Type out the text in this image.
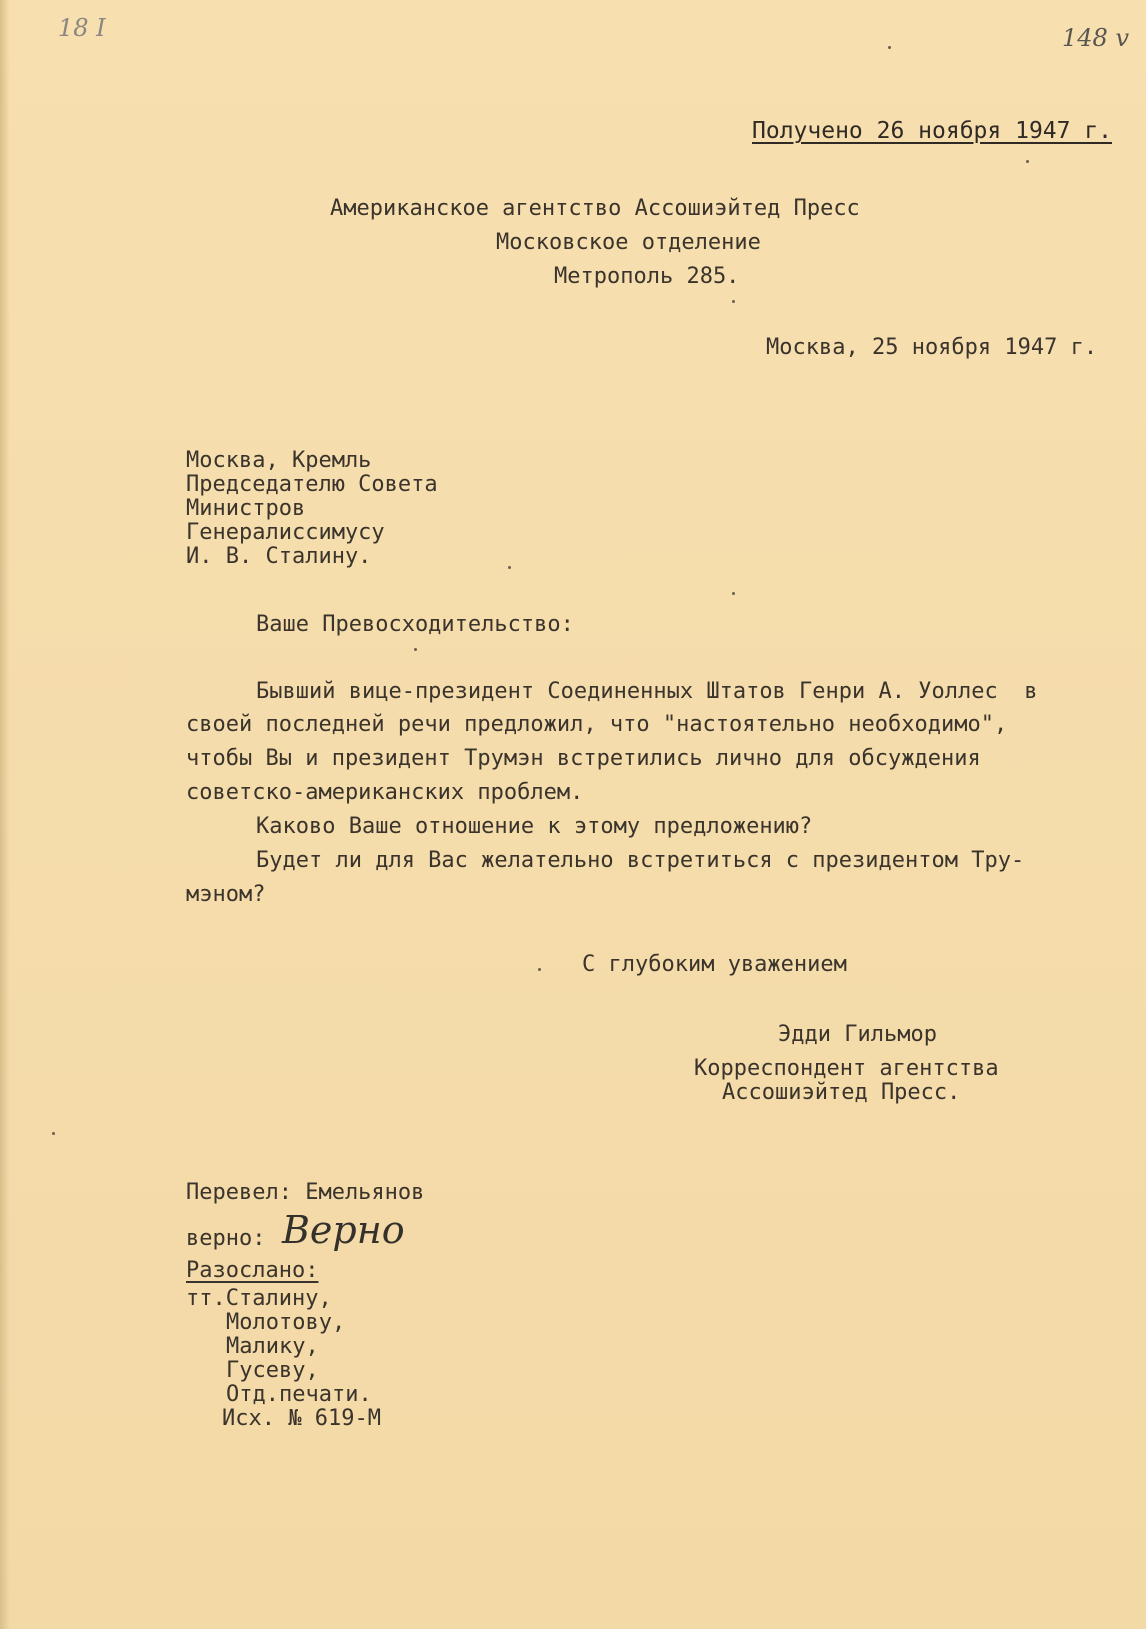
18 I	148 v
Получено 26 ноября 1947 г.
Американское агентство Ассошиэйтед Пресс
Московское отделение
Метрополь 285.
Москва, 25 ноября 1947 г.
Москва, Кремль
Председателю Совета
Министров
Генералиссимусу
И. В. Сталину.
Ваше Превосходительство:
Бывший вице-президент Соединенных Штатов Генри А. Уоллес  в
своей последней речи предложил, что "настоятельно необходимо",
чтобы Вы и президент Трумэн встретились лично для обсуждения
советско-американских проблем.
Каково Ваше отношение к этому предложению?
Будет ли для Вас желательно встретиться с президентом Тру-
мэном?
С глубоким уважением
Эдди Гильмор
Корреспондент агентства
Ассошиэйтед Пресс.
Перевел: Емельянов
верно: Верно
Разослано:
тт.Сталину,
Молотову,
Малику,
Гусеву,
Отд.печати.
Исх. № 619-М
